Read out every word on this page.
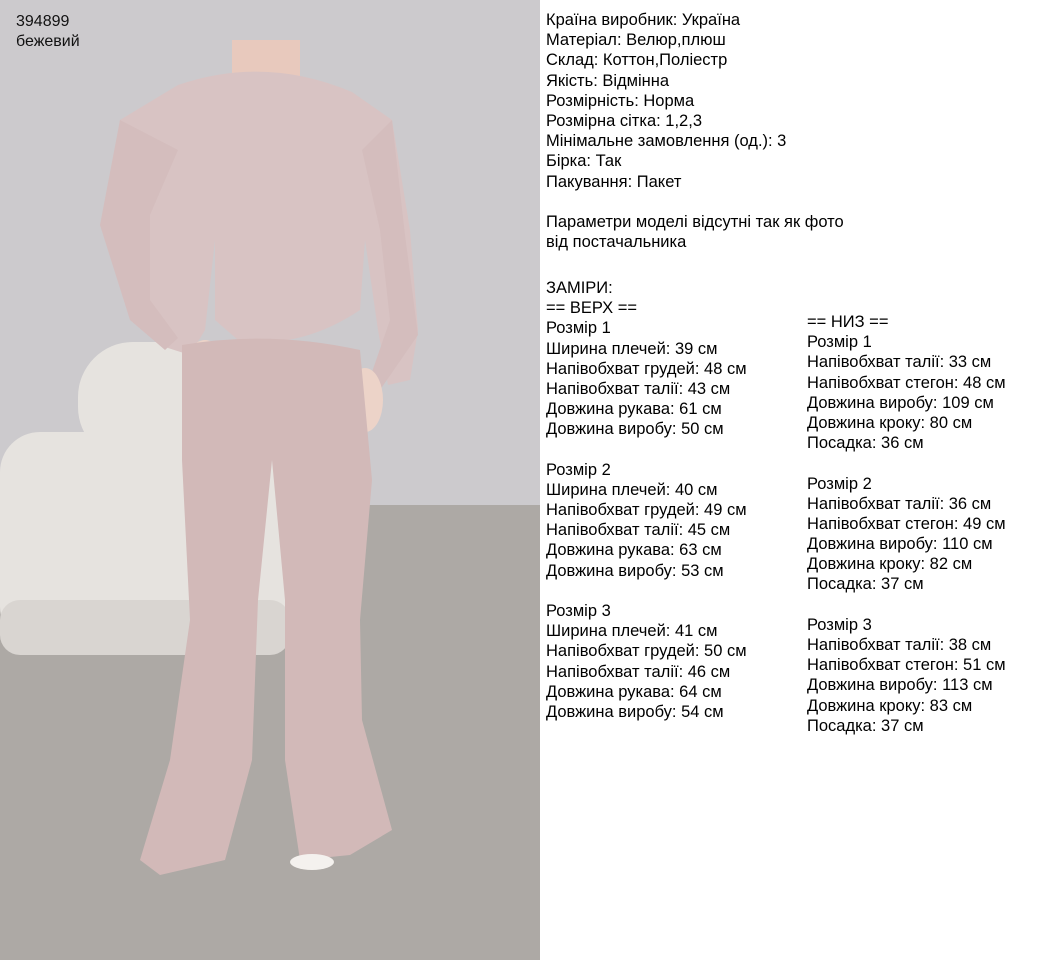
394899
бежевий
Країна виробник: Україна
Матеріал: Велюр,плюш
Склад: Коттон,Поліестр
Якість: Відмінна
Розмірність: Норма
Розмірна сітка: 1,2,3
Мінімальне замовлення (од.): 3
Бірка: Так
Пакування: Пакет
Параметри моделі відсутні так як фото
від постачальника
ЗАМІРИ:
== ВЕРХ ==
Розмір 1
Ширина плечей: 39 см
Напівобхват грудей: 48 см
Напівобхват талії: 43 см
Довжина рукава: 61 см
Довжина виробу: 50 см
Розмір 2
Ширина плечей: 40 см
Напівобхват грудей: 49 см
Напівобхват талії: 45 см
Довжина рукава: 63 см
Довжина виробу: 53 см
Розмір 3
Ширина плечей: 41 см
Напівобхват грудей: 50 см
Напівобхват талії: 46 см
Довжина рукава: 64 см
Довжина виробу: 54 см
== НИЗ ==
Розмір 1
Напівобхват талії: 33 см
Напівобхват стегон: 48 см
Довжина виробу: 109 см
Довжина кроку: 80 см
Посадка: 36 см
Розмір 2
Напівобхват талії: 36 см
Напівобхват стегон: 49 см
Довжина виробу: 110 см
Довжина кроку: 82 см
Посадка: 37 см
Розмір 3
Напівобхват талії: 38 см
Напівобхват стегон: 51 см
Довжина виробу: 113 см
Довжина кроку: 83 см
Посадка: 37 см
